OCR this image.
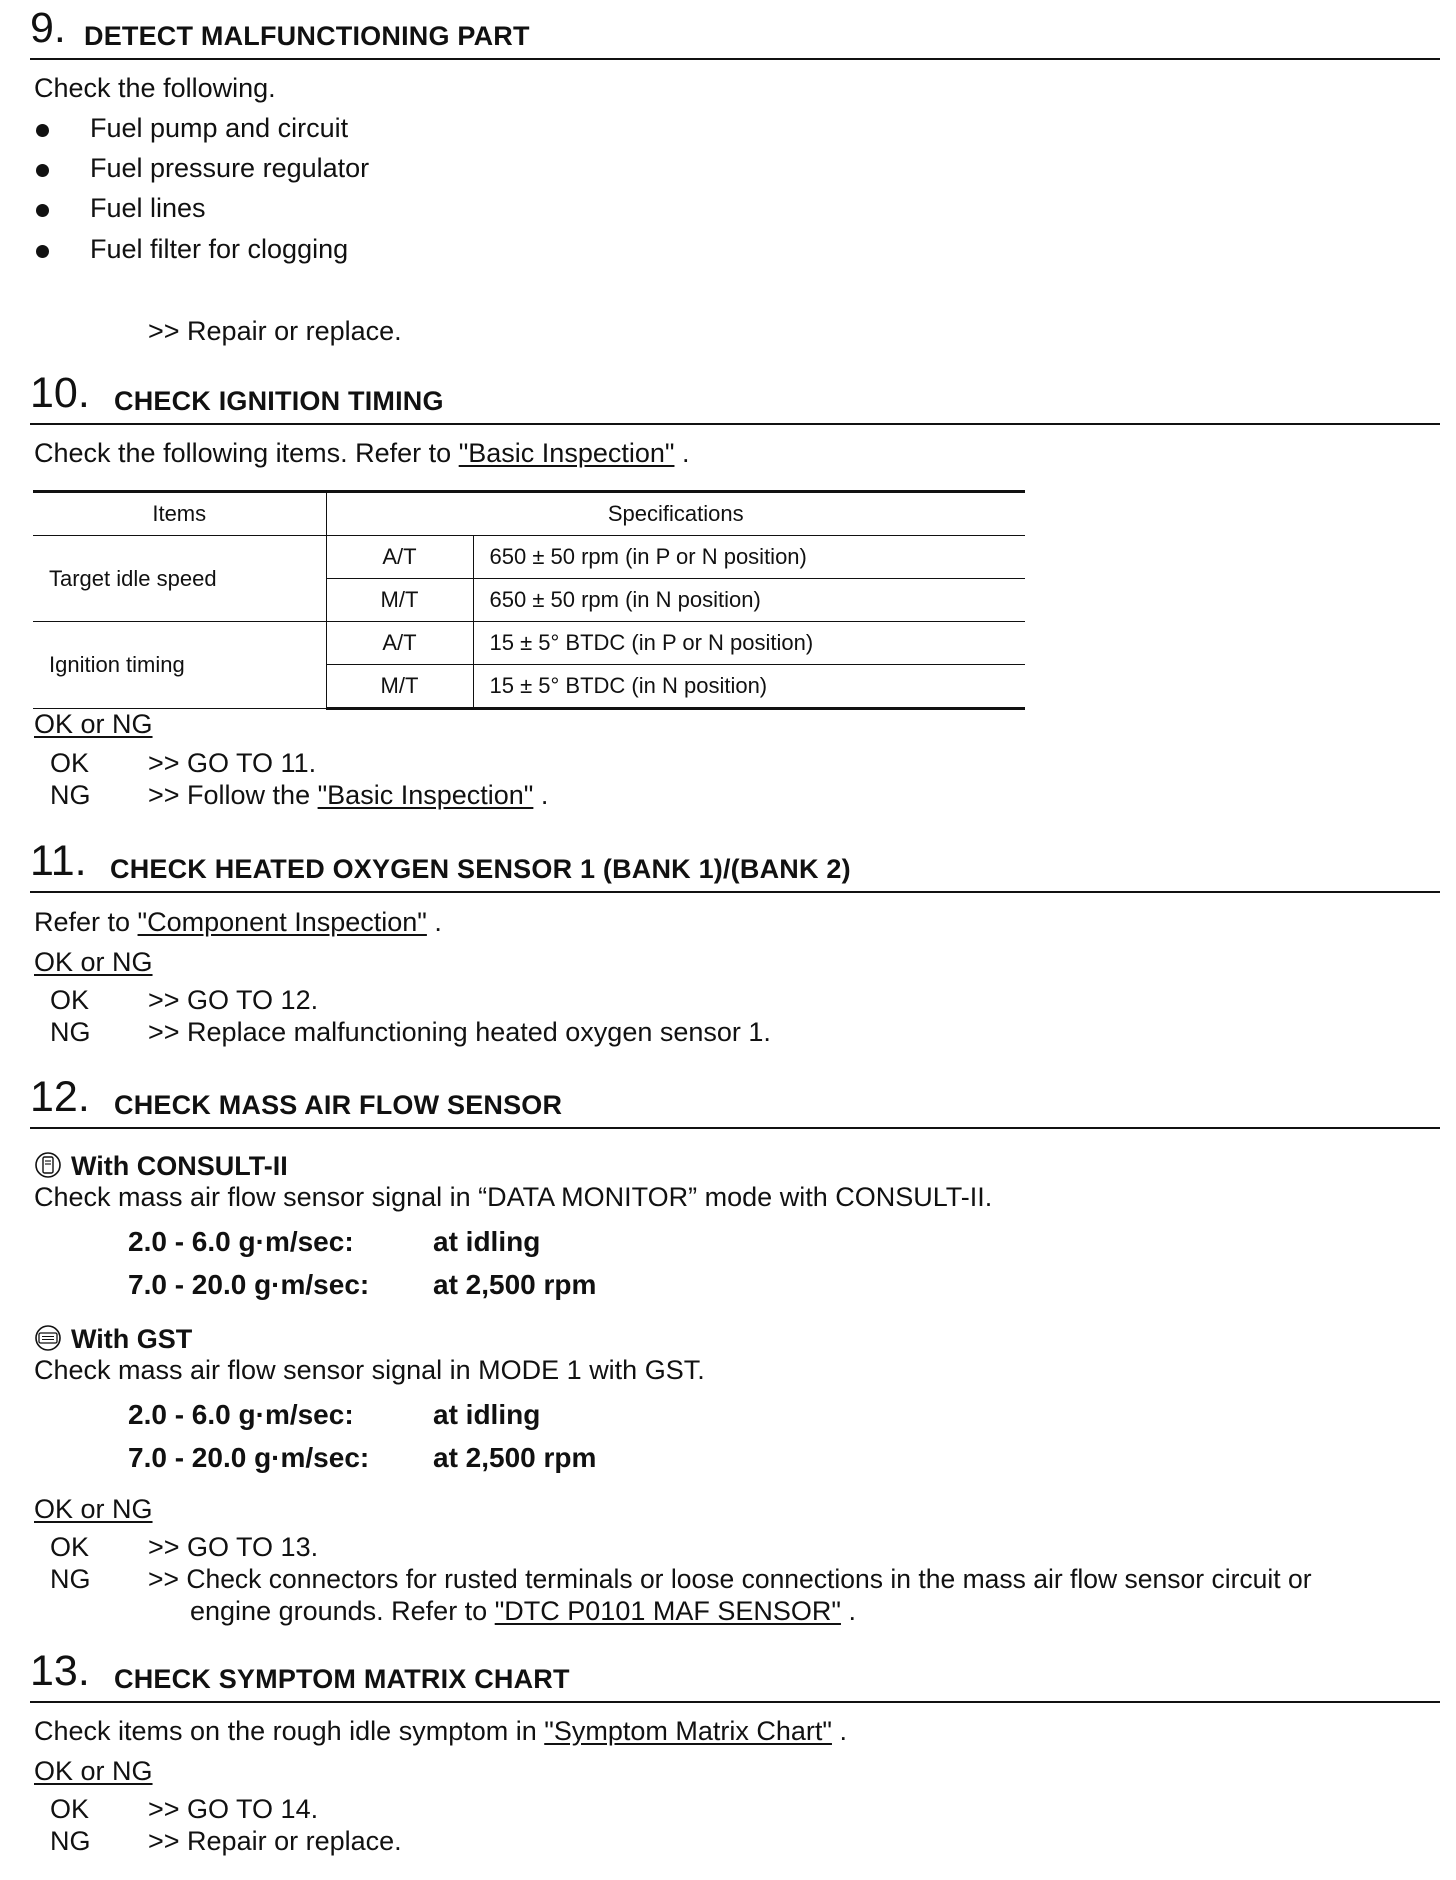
9 .	DETECT MALFUNCTIONING PART
Check the following.
Fuel pump and circuit
Fuel pressure regulator
Fuel lines
Fuel filter for clogging
>> Repair or replace.
10 .	CHECK IGNITION TIMING
Check the following items. Refer to "Basic Inspection" .
Items	Specifications	
Target idle speed	A/T	650 ± 50 rpm (in P or N position)
	M/T	650 ± 50 rpm (in N position)
Ignition timing	A/T	15 ± 5° BTDC (in P or N position)
	M/T	15 ± 5° BTDC (in N position)
OK or NG
OK >> GO TO 11.
NG >> Follow the "Basic Inspection" .
11 .	CHECK HEATED OXYGEN SENSOR 1 (BANK 1)/(BANK 2)
Refer to "Component Inspection" .
OK or NG
OK >> GO TO 12.
NG >> Replace malfunctioning heated oxygen sensor 1.
12 .	CHECK MASS AIR FLOW SENSOR
With CONSULT-II
Check mass air flow sensor signal in “DATA MONITOR” mode with CONSULT-II.
2.0 - 6.0 g·m/sec:	at idling
7.0 - 20.0 g·m/sec: at 2,500 rpm
With GST
Check mass air flow sensor signal in MODE 1 with GST.
2.0 - 6.0 g·m/sec:	at idling
7.0 - 20.0 g·m/sec: at 2,500 rpm
OK or NG
OK >> GO TO 13.
NG >> Check connectors for rusted terminals or loose connections in the mass air flow sensor circuit or
engine grounds. Refer to "DTC P0101 MAF SENSOR" .
13 .	CHECK SYMPTOM MATRIX CHART
Check items on the rough idle symptom in "Symptom Matrix Chart" .
OK or NG
OK >> GO TO 14.
NG >> Repair or replace.
